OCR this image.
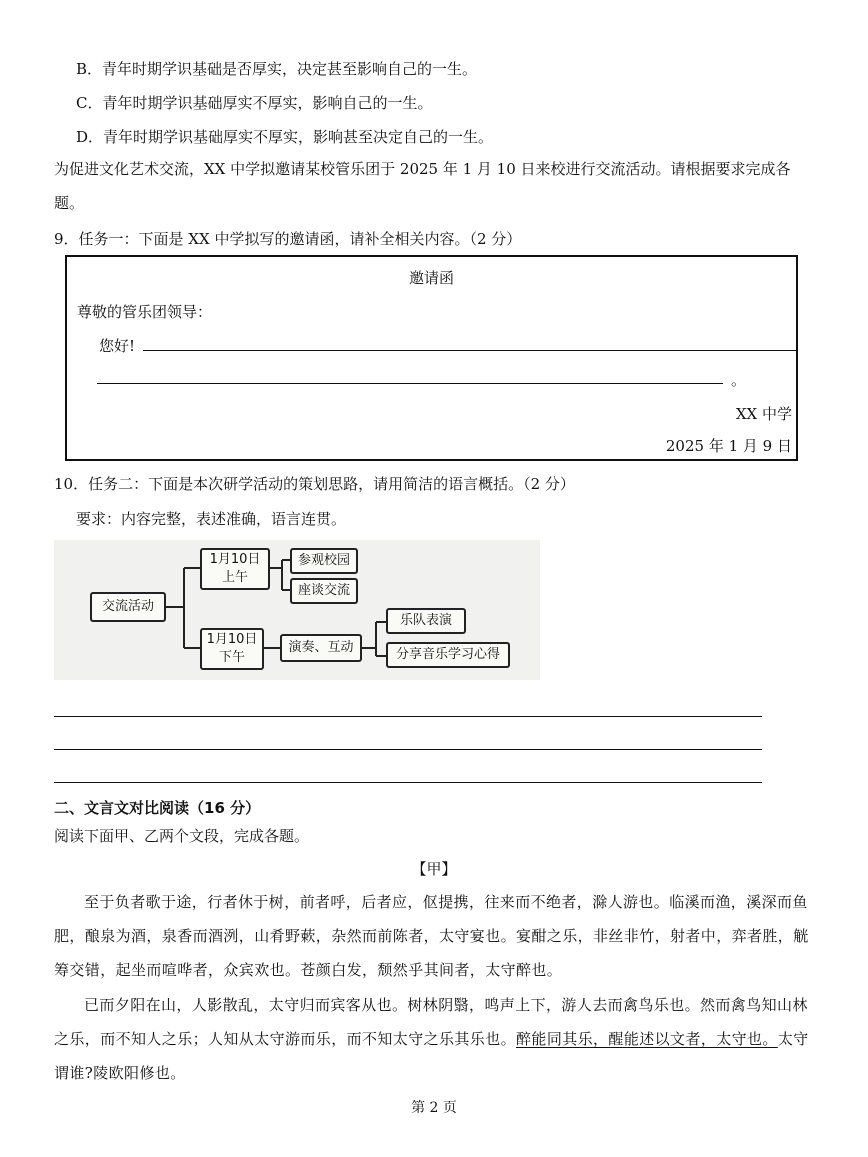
B．青年时期学识基础是否厚实，决定甚至影响自己的一生。
C．青年时期学识基础厚实不厚实，影响自己的一生。
D．青年时期学识基础厚实不厚实，影响甚至决定自己的一生。
为促进文化艺术交流，XX 中学拟邀请某校管乐团于 2025 年 1 月 10 日来校进行交流活动。请根据要求完成各题。
9．任务一：下面是 XX 中学拟写的邀请函，请补全相关内容。（2 分）
邀请函
尊敬的管乐团领导：
您好!
。
XX 中学
2025 年 1 月 9 日
10．任务二：下面是本次研学活动的策划思路，请用简洁的语言概括。（2 分）
要求：内容完整，表述准确，语言连贯。
交流活动
1月10日
上午
参观校园
座谈交流
1月10日
下午
演奏、互动
乐队表演
分享音乐学习心得
二、文言文对比阅读（16 分）
阅读下面甲、乙两个文段，完成各题。
【甲】
至于负者歌于途，行者休于树，前者呼，后者应，伛提携，往来而不绝者，滁人游也。临溪而渔，溪深而鱼肥，酿泉为酒，泉香而酒洌，山肴野蔌，杂然而前陈者，太守宴也。宴酣之乐，非丝非竹，射者中，弈者胜，觥筹交错，起坐而喧哗者，众宾欢也。苍颜白发，颓然乎其间者，太守醉也。
已而夕阳在山，人影散乱，太守归而宾客从也。树林阴翳，鸣声上下，游人去而禽鸟乐也。然而禽鸟知山林之乐，而不知人之乐；人知从太守游而乐，而不知太守之乐其乐也。醉能同其乐，醒能述以文者，太守也。太守谓谁?陵欧阳修也。
第 2 页
